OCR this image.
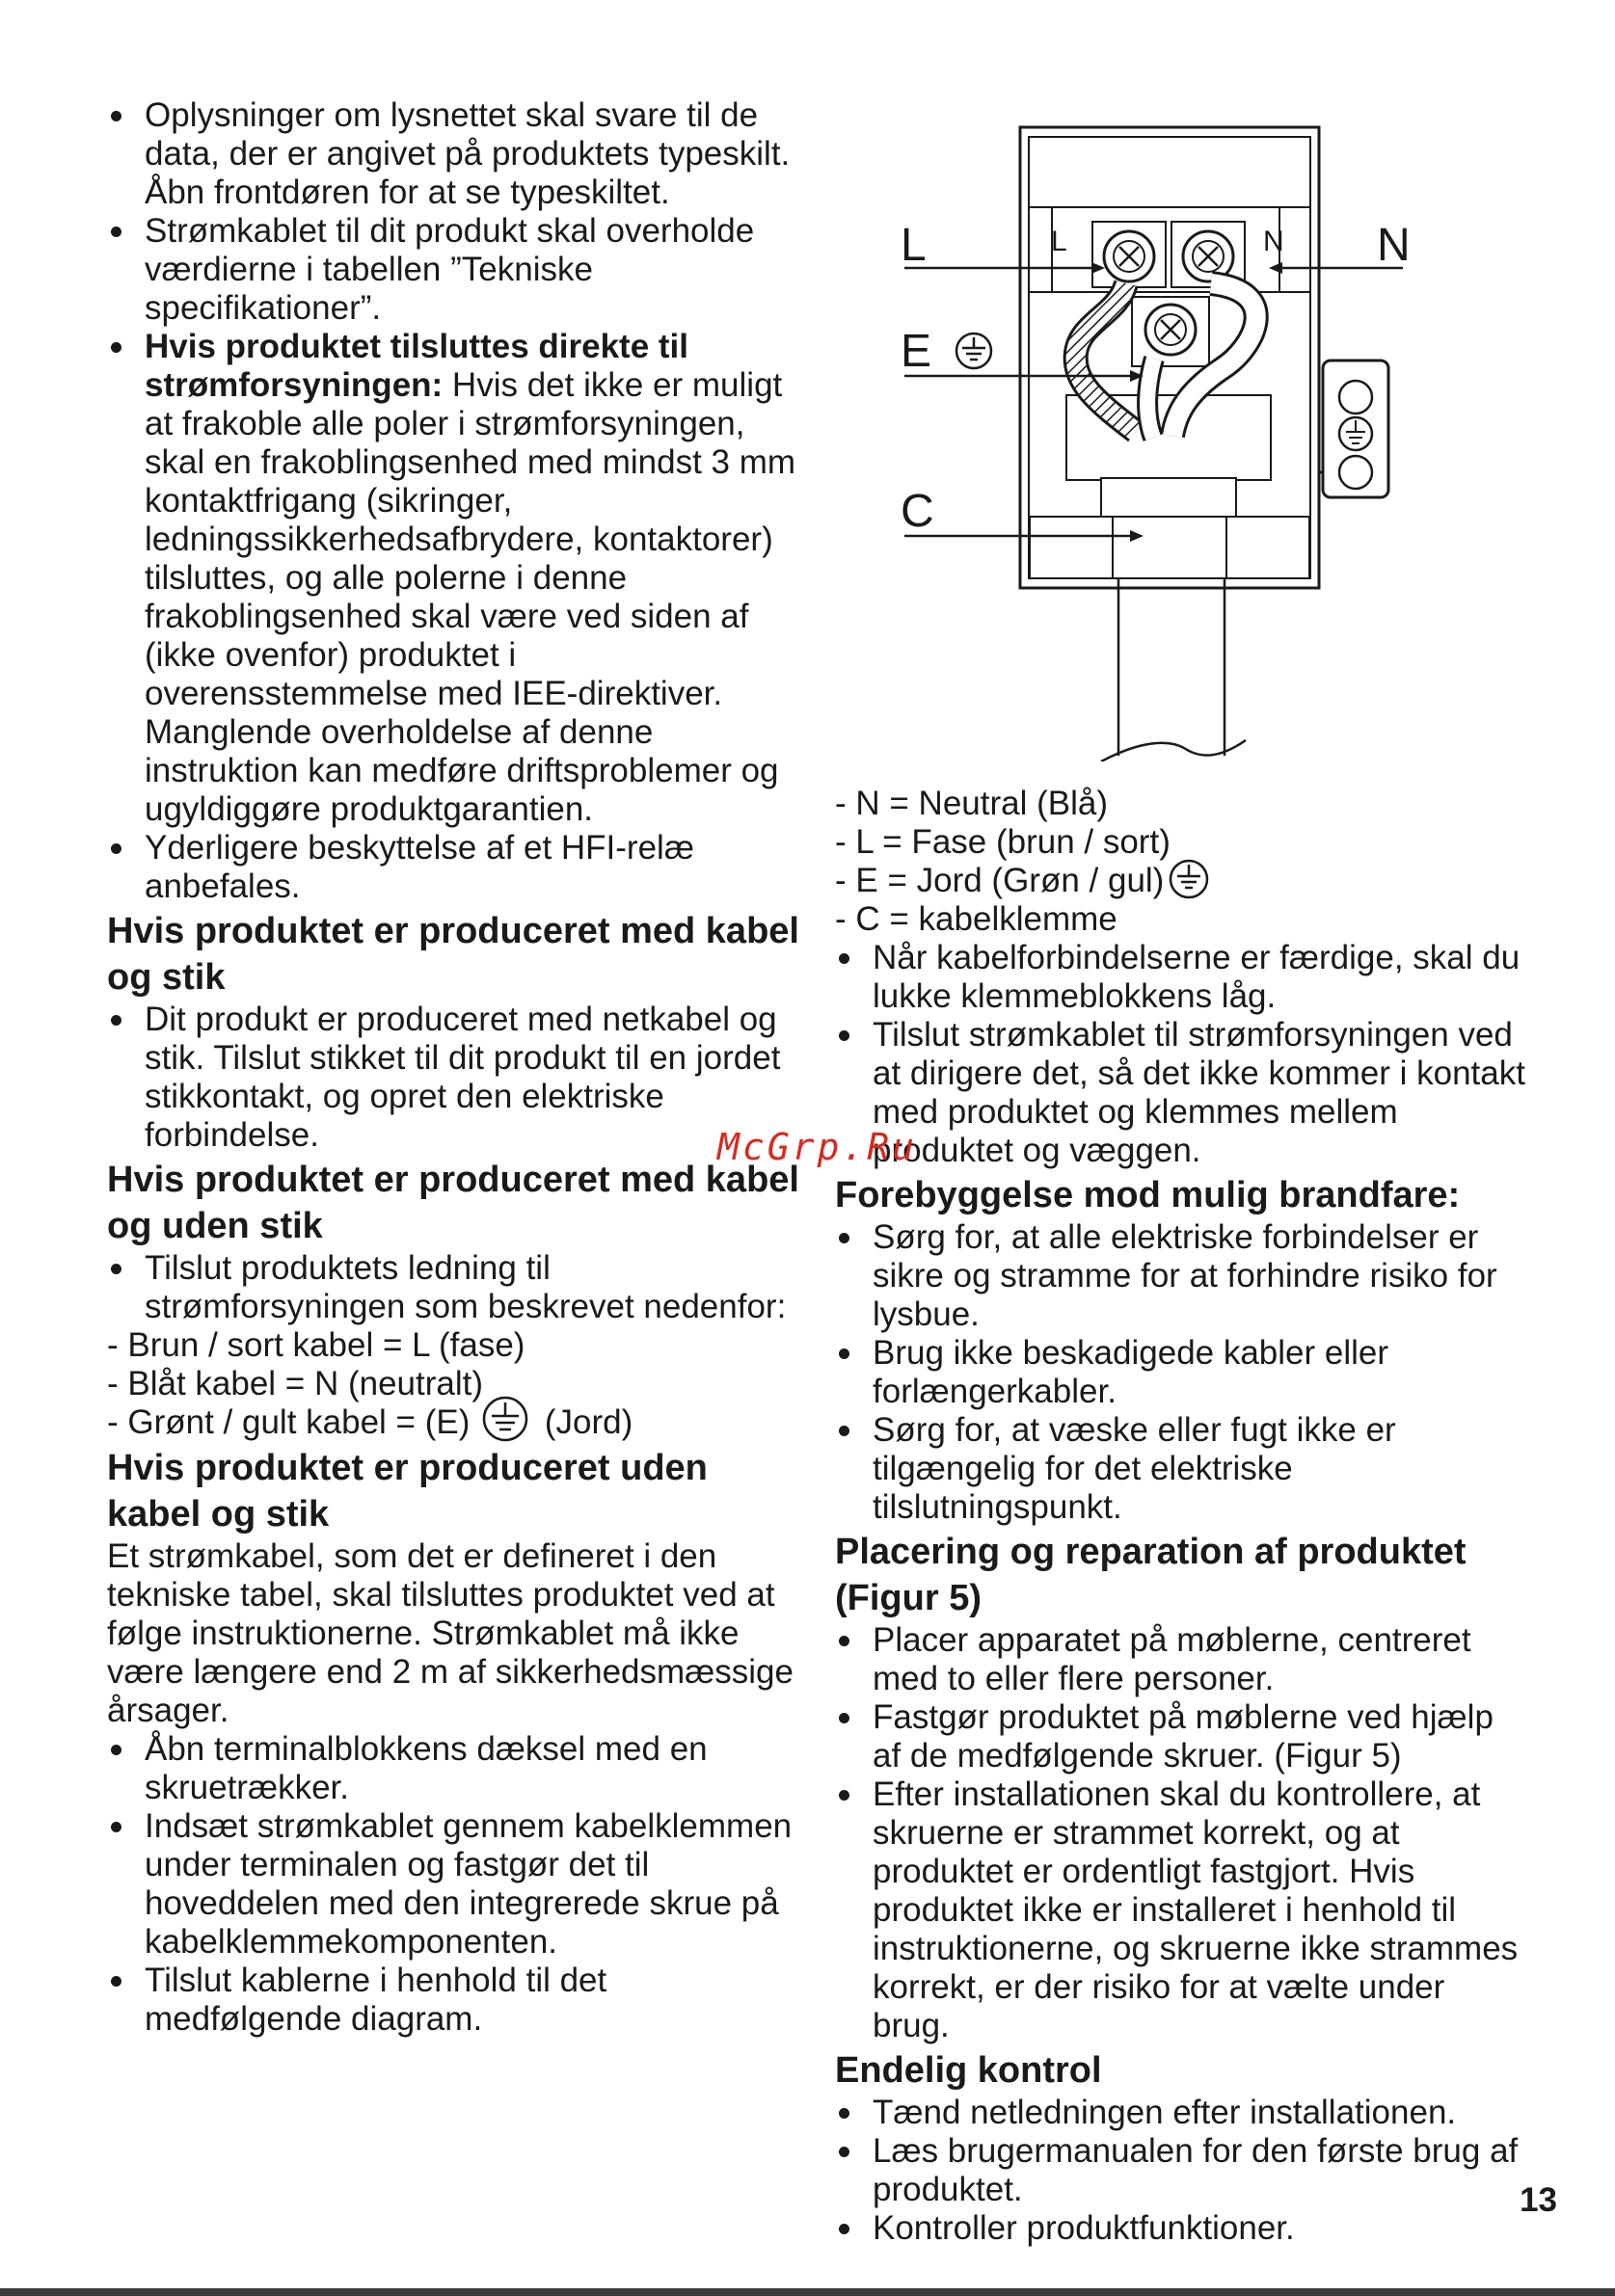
Oplysninger om lysnettet skal svare til de data, der er angivet på produktets typeskilt. Åbn frontdøren for at se typeskiltet.
Strømkablet til dit produkt skal overholde værdierne i tabellen ”Tekniske specifikationer”.
Hvis produktet tilsluttes direkte til strømforsyningen: Hvis det ikke er muligt at frakoble alle poler i strømforsyningen, skal en frakoblingsenhed med mindst 3 mm kontaktfrigang (sikringer, ledningssikkerhedsafbrydere, kontaktorer) tilsluttes, og alle polerne i denne frakoblingsenhed skal være ved siden af (ikke ovenfor) produktet i overensstemmelse med IEE-direktiver. Manglende overholdelse af denne instruktion kan medføre driftsproblemer og ugyldiggøre produktgarantien.
Yderligere beskyttelse af et HFI-relæ anbefales.
Hvis produktet er produceret med kabel og stik
Dit produkt er produceret med netkabel og stik. Tilslut stikket til dit produkt til en jordet stikkontakt, og opret den elektriske forbindelse.
Hvis produktet er produceret med kabel og uden stik
Tilslut produktets ledning til strømforsyningen som beskrevet nedenfor:
- Brun / sort kabel = L (fase)
- Blåt kabel = N (neutralt)
- Grønt / gult kabel = (E) (Jord)
Hvis produktet er produceret uden kabel og stik

Et strømkabel, som det er defineret i den tekniske tabel, skal tilsluttes produktet ved at følge instruktionerne. Strømkablet må ikke være længere end 2 m af sikkerhedsmæssige årsager.

Åbn terminalblokkens dæksel med en skruetrækker.
Indsæt strømkablet gennem kabelklemmen under terminalen og fastgør det til hoveddelen med den integrerede skrue på kabelklemmekomponenten.
Tilslut kablerne i henhold til det medfølgende diagram.
L	N
L	N
E
C
- N = Neutral (Blå)
- L = Fase (brun / sort)
- E = Jord (Grøn / gul)
- C = kabelklemme
Når kabelforbindelserne er færdige, skal du lukke klemmeblokkens låg.
Tilslut strømkablet til strømforsyningen ved at dirigere det, så det ikke kommer i kontakt med produktet og klemmes mellem produktet og væggen.
Forebyggelse mod mulig brandfare:
Sørg for, at alle elektriske forbindelser er sikre og stramme for at forhindre risiko for lysbue.
Brug ikke beskadigede kabler eller forlængerkabler.
Sørg for, at væske eller fugt ikke er tilgængelig for det elektriske tilslutningspunkt.
Placering og reparation af produktet (Figur 5)
Placer apparatet på møblerne, centreret med to eller flere personer.
Fastgør produktet på møblerne ved hjælp af de medfølgende skruer. (Figur 5)
Efter installationen skal du kontrollere, at skruerne er strammet korrekt, og at produktet er ordentligt fastgjort. Hvis produktet ikke er installeret i henhold til instruktionerne, og skruerne ikke strammes korrekt, er der risiko for at vælte under brug.
Endelig kontrol
Tænd netledningen efter installationen.
Læs brugermanualen for den første brug af produktet.
Kontroller produktfunktioner.
McGrp.Ru
13
